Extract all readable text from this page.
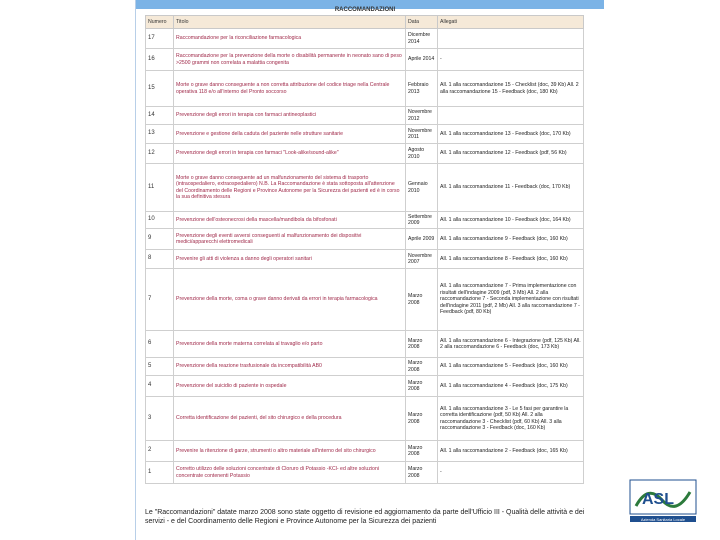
RACCOMANDAZIONI
Numero	Titolo	Data	Allegati
17	Raccomandazione per la riconciliazione farmacologica	Dicembre 2014	
16	Raccomandazione per la prevenzione della morte o disabilità permanente in neonato sano di peso >2500 grammi non correlata a malattia congenita	Aprile 2014	-
15	Morte o grave danno conseguente a non corretta attribuzione del codice triage nella Centrale operativa 118 e/o all'interno del Pronto soccorso	Febbraio 2013	All. 1 alla raccomandazione 15 - Checklist (doc, 39 Kb) All. 2 alla raccomandazione 15 - Feedback (doc, 180 Kb)
14	Prevenzione degli errori in terapia con farmaci antineoplastici	Novembre 2012	
13	Prevenzione e gestione della caduta del paziente nelle strutture sanitarie	Novembre 2011	All. 1 alla raccomandazione 13 - Feedback (doc, 170 Kb)
12	Prevenzione degli errori in terapia con farmaci "Look-alike/sound-alike"	Agosto 2010	All. 1 alla raccomandazione 12 - Feedback (pdf, 56 Kb)
11	Morte o grave danno conseguente ad un malfunzionamento del sistema di trasporto (intraospedaliero, extraospedaliero) N.B. La Raccomandazione è stata sottoposta all'attenzione del Coordinamento delle Regioni e Province Autonome per la Sicurezza dei pazienti ed è in corso la sua definitiva stesura	Gennaio 2010	All. 1 alla raccomandazione 11 - Feedback (doc, 170 Kb)
10	Prevenzione dell'osteonecrosi della mascella/mandibola da bifosfonati	Settembre 2009	All. 1 alla raccomandazione 10 - Feedback (doc, 164 Kb)
9	Prevenzione degli eventi avversi conseguenti al malfunzionamento dei dispositivi medici/apparecchi elettromedicali	Aprile 2009	All. 1 alla raccomandazione 9 - Feedback (doc, 160 Kb)
8	Prevenire gli atti di violenza a danno degli operatori sanitari	Novembre 2007	All. 1 alla raccomandazione 8 - Feedback (doc, 160 Kb)
7	Prevenzione della morte, coma o grave danno derivati da errori in terapia farmacologica	Marzo 2008	All. 1 alla raccomandazione 7 - Prima implementazione con risultati dell'indagine 2009 (pdf, 3 Mb) All. 2 alla raccomandazione 7 - Seconda implementazione con risultati dell'indagine 2011 (pdf, 2 Mb) All. 3 alla raccomandazione 7 - Feedback (pdf, 80 Kb)
6	Prevenzione della morte materna correlata al travaglio e/o parto	Marzo 2008	All. 1 alla raccomandazione 6 - Integrazione (pdf, 125 Kb) All. 2 alla raccomandazione 6 - Feedback (doc, 173 Kb)
5	Prevenzione della reazione trasfusionale da incompatibilità AB0	Marzo 2008	All. 1 alla raccomandazione 5 - Feedback (doc, 160 Kb)
4	Prevenzione del suicidio di paziente in ospedale	Marzo 2008	All. 1 alla raccomandazione 4 - Feedback (doc, 175 Kb)
3	Corretta identificazione dei pazienti, del sito chirurgico e della procedura	Marzo 2008	All. 1 alla raccomandazione 3 - Le 5 fasi per garantire la corretta identificazione (pdf, 50 Kb) All. 2 alla raccomandazione 3 - Checklist (pdf, 60 Kb) All. 3 alla raccomandazione 3 - Feedback (doc, 160 Kb)
2	Prevenire la ritenzione di garze, strumenti o altro materiale all'interno del sito chirurgico	Marzo 2008	All. 1 alla raccomandazione 2 - Feedback (doc, 165 Kb)
1	Corretto utilizzo delle soluzioni concentrate di Cloruro di Potassio -KCl- ed altre soluzioni concentrate contenenti Potassio	Marzo 2008	-
Le "Raccomandazioni" datate marzo 2008 sono state oggetto di revisione ed aggiornamento da parte dell'Ufficio III - Qualità delle attività e dei servizi - e del Coordinamento delle Regioni e Province Autonome per la Sicurezza dei pazienti
ASL
Azienda Sanitaria Locale
